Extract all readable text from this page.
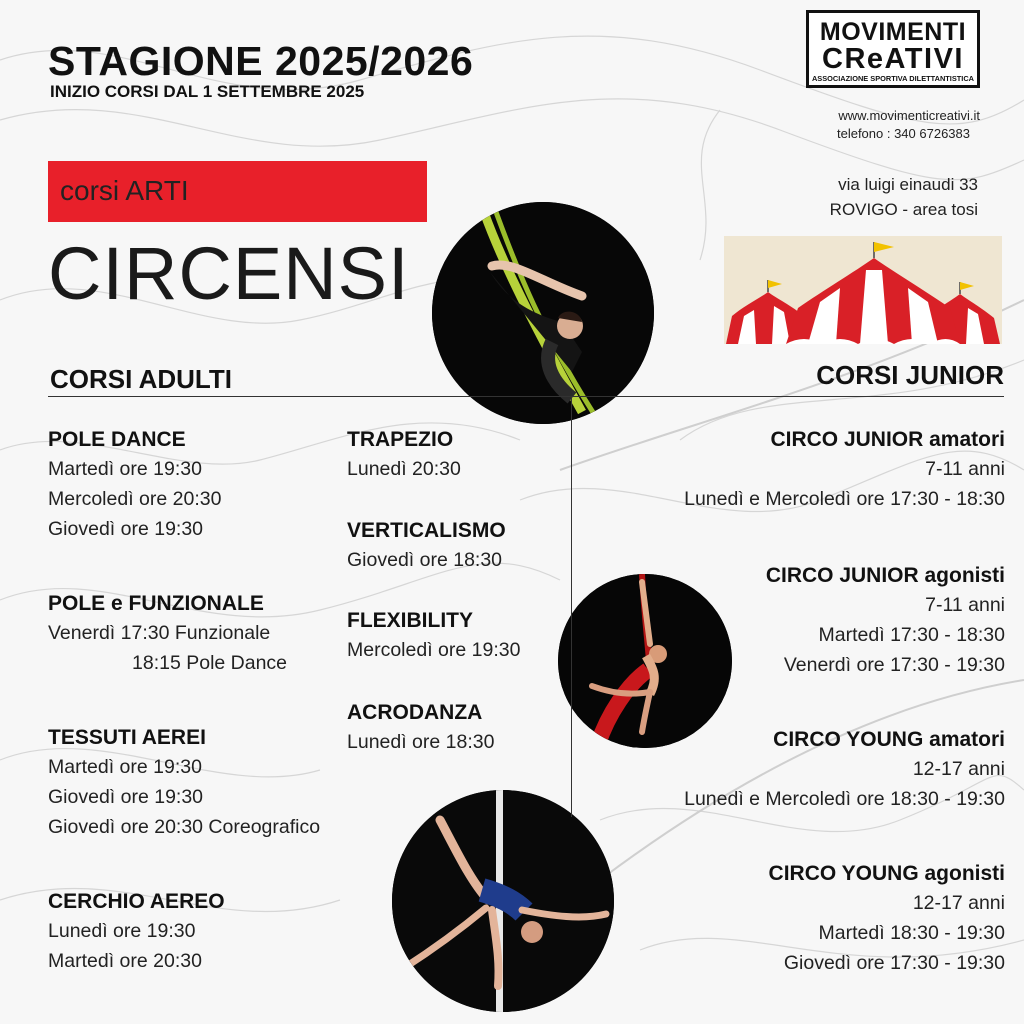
STAGIONE 2025/2026
INIZIO CORSI DAL 1 SETTEMBRE 2025
MOVIMENTI
CReATIVI
ASSOCIAZIONE SPORTIVA DILETTANTISTICA
www.movimenticreativi.it
telefono : 340 6726383
via luigi einaudi 33
ROVIGO - area tosi
corsi ARTI
CIRCENSI
CORSI ADULTI	CORSI JUNIOR
POLE DANCE
Martedì ore 19:30
Mercoledì ore 20:30
Giovedì ore 19:30
POLE e FUNZIONALE
Venerdì 17:30 Funzionale
18:15 Pole Dance
TESSUTI AEREI
Martedì ore 19:30
Giovedì ore 19:30
Giovedì ore 20:30 Coreografico
CERCHIO AEREO
Lunedì ore 19:30
Martedì ore 20:30
TRAPEZIO
Lunedì 20:30
VERTICALISMO
Giovedì ore 18:30
FLEXIBILITY
Mercoledì ore 19:30
ACRODANZA
Lunedì ore 18:30
CIRCO JUNIOR amatori
7-11 anni
Lunedì e Mercoledì ore 17:30 - 18:30
CIRCO JUNIOR agonisti
7-11 anni
Martedì 17:30 - 18:30
Venerdì ore 17:30 - 19:30
CIRCO YOUNG amatori
12-17 anni
Lunedì e Mercoledì ore 18:30 - 19:30
CIRCO YOUNG agonisti
12-17 anni
Martedì 18:30 - 19:30
Giovedì ore 17:30 - 19:30
